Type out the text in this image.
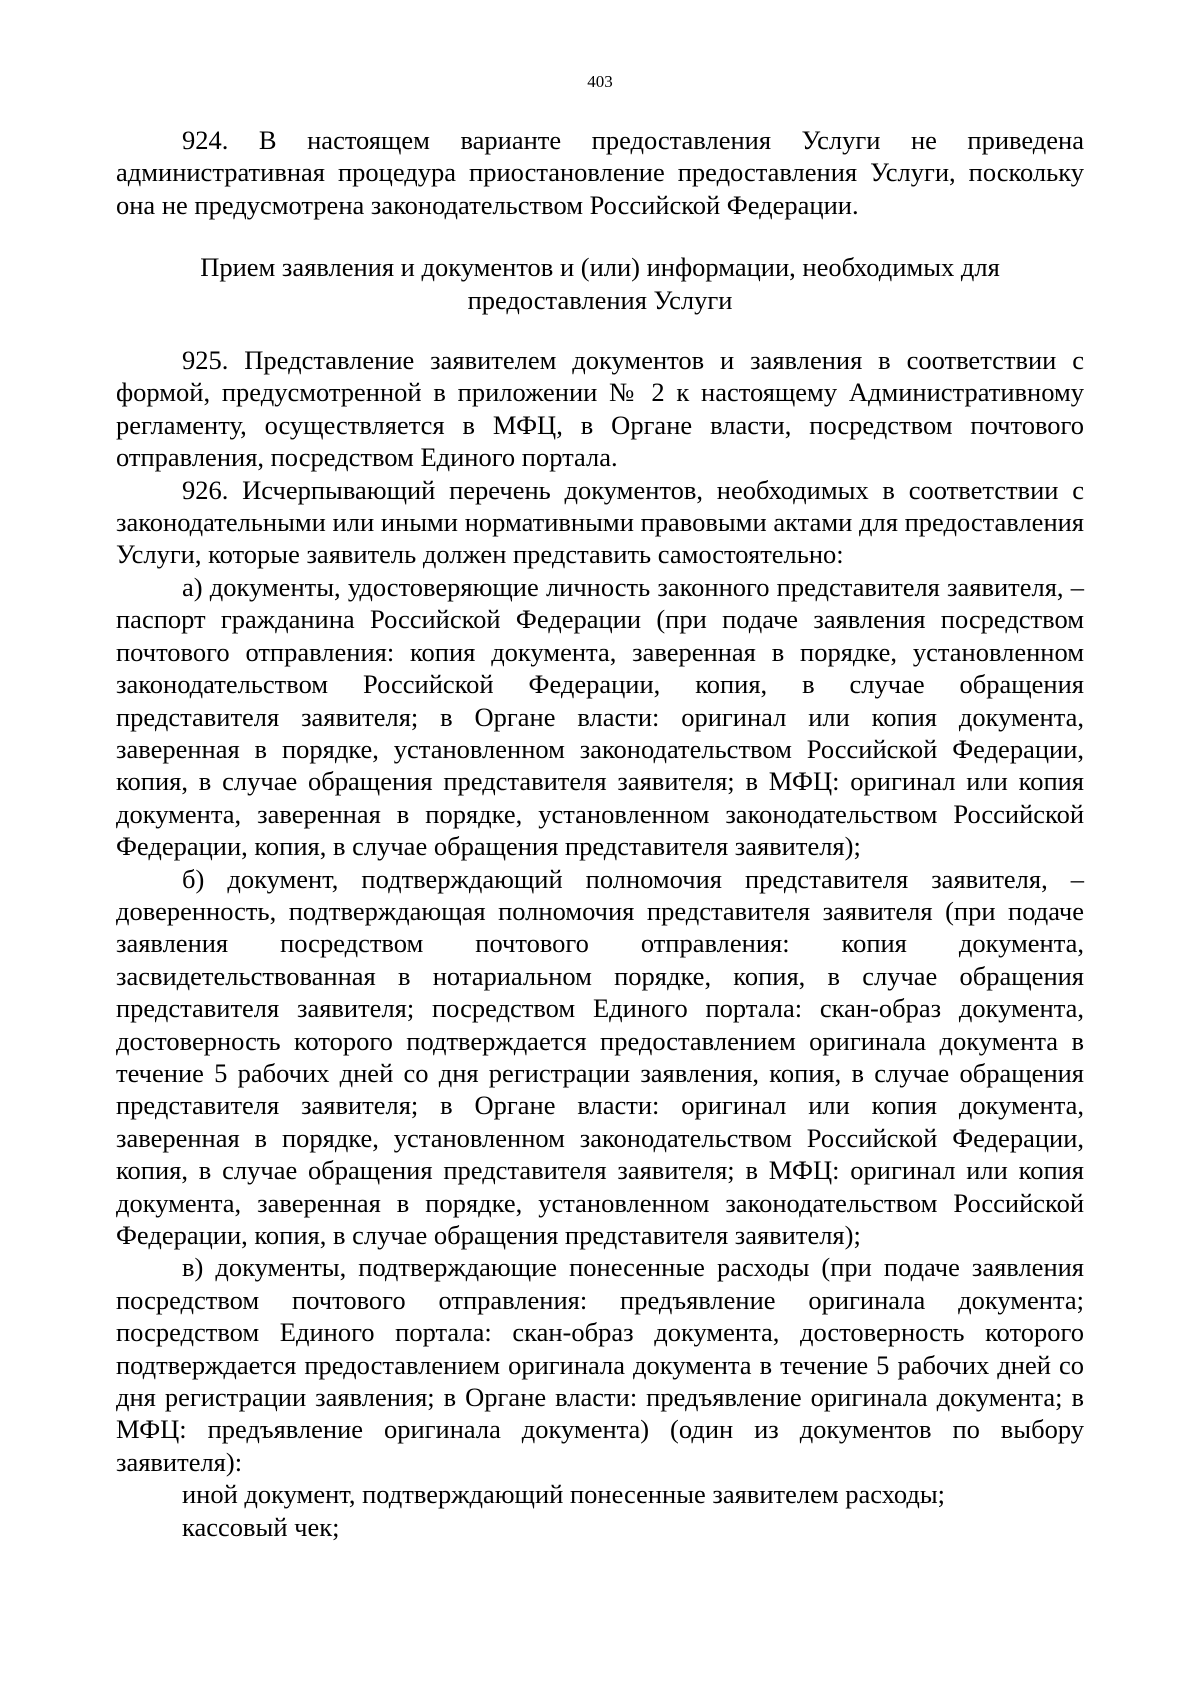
403

924. В настоящем варианте предоставления Услуги не приведена административная процедура приостановление предоставления Услуги, поскольку она не предусмотрена законодательством Российской Федерации.

Прием заявления и документов и (или) информации, необходимых для предоставления Услуги

925. Представление заявителем документов и заявления в соответствии с формой, предусмотренной в приложении № 2 к настоящему Административному регламенту, осуществляется в МФЦ, в Органе власти, посредством почтового отправления, посредством Единого портала.

926. Исчерпывающий перечень документов, необходимых в соответствии с законодательными или иными нормативными правовыми актами для предоставления Услуги, которые заявитель должен представить самостоятельно:

а) документы, удостоверяющие личность законного представителя заявителя, – паспорт гражданина Российской Федерации (при подаче заявления посредством почтового отправления: копия документа, заверенная в порядке, установленном законодательством Российской Федерации, копия, в случае обращения представителя заявителя; в Органе власти: оригинал или копия документа, заверенная в порядке, установленном законодательством Российской Федерации, копия, в случае обращения представителя заявителя; в МФЦ: оригинал или копия документа, заверенная в порядке, установленном законодательством Российской Федерации, копия, в случае обращения представителя заявителя);

б) документ, подтверждающий полномочия представителя заявителя, – доверенность, подтверждающая полномочия представителя заявителя (при подаче заявления посредством почтового отправления: копия документа, засвидетельствованная в нотариальном порядке, копия, в случае обращения представителя заявителя; посредством Единого портала: скан-образ документа, достоверность которого подтверждается предоставлением оригинала документа в течение 5 рабочих дней со дня регистрации заявления, копия, в случае обращения представителя заявителя; в Органе власти: оригинал или копия документа, заверенная в порядке, установленном законодательством Российской Федерации, копия, в случае обращения представителя заявителя; в МФЦ: оригинал или копия документа, заверенная в порядке, установленном законодательством Российской Федерации, копия, в случае обращения представителя заявителя);

в) документы, подтверждающие понесенные расходы (при подаче заявления посредством почтового отправления: предъявление оригинала документа; посредством Единого портала: скан-образ документа, достоверность которого подтверждается предоставлением оригинала документа в течение 5 рабочих дней со дня регистрации заявления; в Органе власти: предъявление оригинала документа; в МФЦ: предъявление оригинала документа) (один из документов по выбору заявителя):

иной документ, подтверждающий понесенные заявителем расходы;

кассовый чек;
